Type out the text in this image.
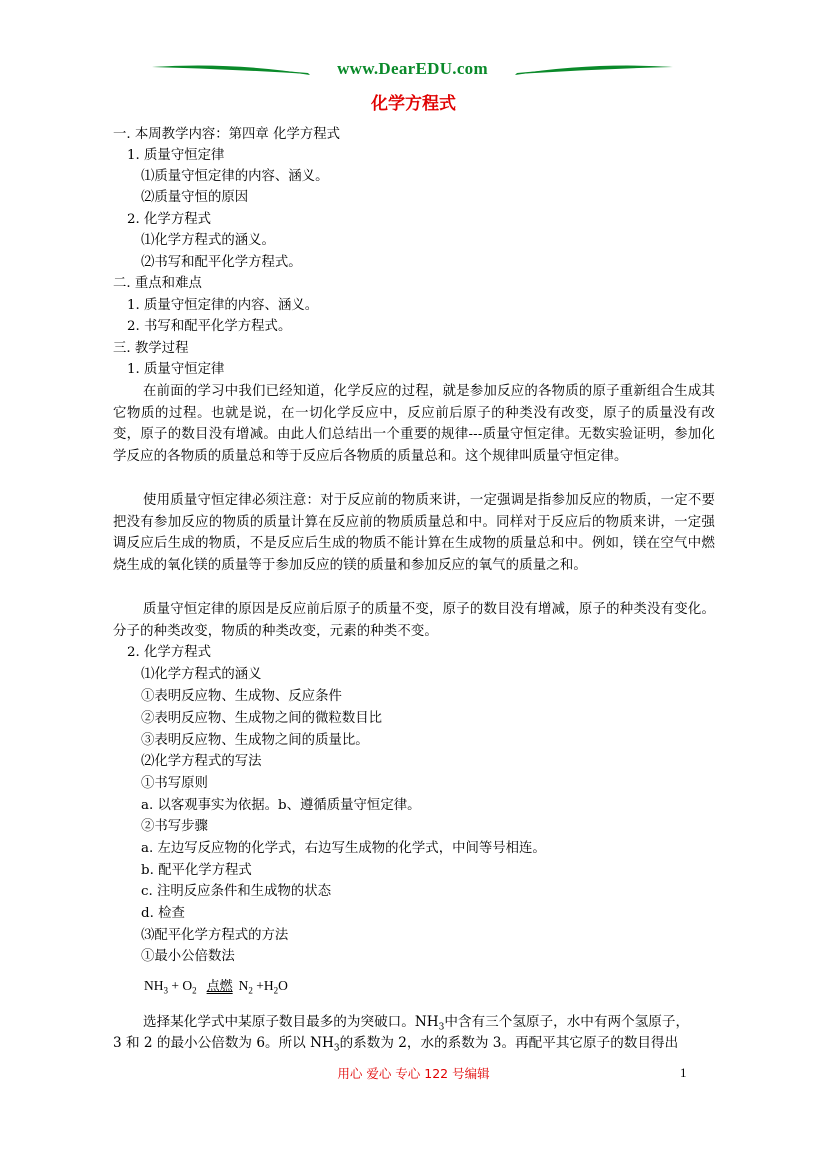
www.DearEDU.com
化学方程式
一. 本周教学内容：第四章 化学方程式
1. 质量守恒定律
⑴质量守恒定律的内容、涵义。
⑵质量守恒的原因
2. 化学方程式
⑴化学方程式的涵义。
⑵书写和配平化学方程式。
二. 重点和难点
1. 质量守恒定律的内容、涵义。
2. 书写和配平化学方程式。
三. 教学过程
1. 质量守恒定律
在前面的学习中我们已经知道，化学反应的过程，就是参加反应的各物质的原子重新组合生成其它物质的过程。也就是说，在一切化学反应中，反应前后原子的种类没有改变，原子的质量没有改变，原子的数目没有增减。由此人们总结出一个重要的规律---质量守恒定律。无数实验证明，参加化学反应的各物质的质量总和等于反应后各物质的质量总和。这个规律叫质量守恒定律。
使用质量守恒定律必须注意：对于反应前的物质来讲，一定强调是指参加反应的物质，一定不要把没有参加反应的物质的质量计算在反应前的物质质量总和中。同样对于反应后的物质来讲，一定强调反应后生成的物质，不是反应后生成的物质不能计算在生成物的质量总和中。例如，镁在空气中燃烧生成的氧化镁的质量等于参加反应的镁的质量和参加反应的氧气的质量之和。
质量守恒定律的原因是反应前后原子的质量不变，原子的数目没有增减，原子的种类没有变化。分子的种类改变，物质的种类改变，元素的种类不变。
2. 化学方程式
⑴化学方程式的涵义
①表明反应物、生成物、反应条件
②表明反应物、生成物之间的微粒数目比
③表明反应物、生成物之间的质量比。
⑵化学方程式的写法
①书写原则
a. 以客观事实为依据。b、遵循质量守恒定律。
②书写步骤
a. 左边写反应物的化学式，右边写生成物的化学式，中间等号相连。
b. 配平化学方程式
c. 注明反应条件和生成物的状态
d. 检查
⑶配平化学方程式的方法
①最小公倍数法
$NH_3 + O_2$ 点燃 $N_2 +H_2O$
选择某化学式中某原子数目最多的为突破口。$NH_3$中含有三个氢原子，水中有两个氢原子，
3 和 2 的最小公倍数为 6。所以 $NH_3$的系数为 2，水的系数为 3。再配平其它原子的数目得出
用心 爱心 专心 122 号编辑	1
